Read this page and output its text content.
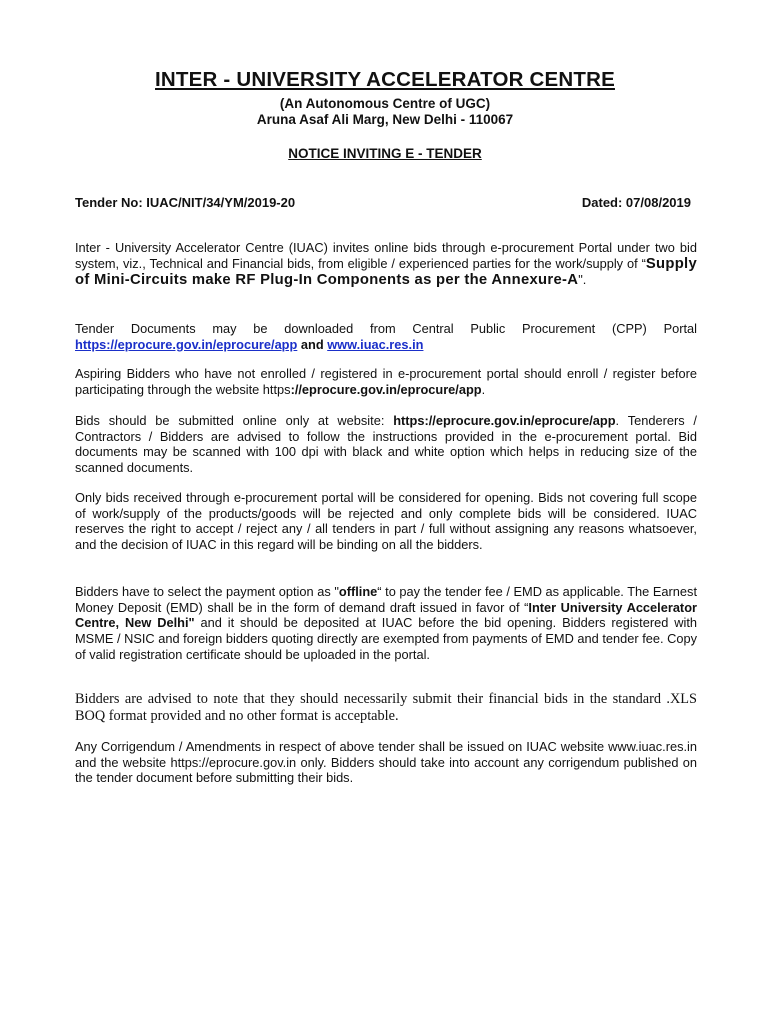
INTER - UNIVERSITY ACCELERATOR CENTRE
(An Autonomous Centre of UGC)
Aruna Asaf Ali Marg, New Delhi - 110067
NOTICE INVITING E - TENDER
Tender No: IUAC/NIT/34/YM/2019-20	Dated: 07/08/2019

Inter - University Accelerator Centre (IUAC) invites online bids through e-procurement Portal under two bid system, viz., Technical and Financial bids, from eligible / experienced parties for the work/supply of “Supply of Mini-Circuits make RF Plug-In Components as per the Annexure-A".

Tender Documents may be downloaded from Central Public Procurement (CPP) Portal https://eprocure.gov.in/eprocure/app and www.iuac.res.in

Aspiring Bidders who have not enrolled / registered in e-procurement portal should enroll / register before participating through the website https://eprocure.gov.in/eprocure/app.

Bids should be submitted online only at website: https://eprocure.gov.in/eprocure/app. Tenderers / Contractors / Bidders are advised to follow the instructions provided in the e-procurement portal. Bid documents may be scanned with 100 dpi with black and white option which helps in reducing size of the scanned documents.

Only bids received through e-procurement portal will be considered for opening. Bids not covering full scope of work/supply of the products/goods will be rejected and only complete bids will be considered. IUAC reserves the right to accept / reject any / all tenders in part / full without assigning any reasons whatsoever, and the decision of IUAC in this regard will be binding on all the bidders.

Bidders have to select the payment option as "offline“ to pay the tender fee / EMD as applicable. The Earnest Money Deposit (EMD) shall be in the form of demand draft issued in favor of “Inter University Accelerator Centre, New Delhi" and it should be deposited at IUAC before the bid opening. Bidders registered with MSME / NSIC and foreign bidders quoting directly are exempted from payments of EMD and tender fee. Copy of valid registration certificate should be uploaded in the portal.

Bidders are advised to note that they should necessarily submit their financial bids in the standard .XLS BOQ format provided and no other format is acceptable.

Any Corrigendum / Amendments in respect of above tender shall be issued on IUAC website www.iuac.res.in and the website https://eprocure.gov.in only. Bidders should take into account any corrigendum published on the tender document before submitting their bids.
